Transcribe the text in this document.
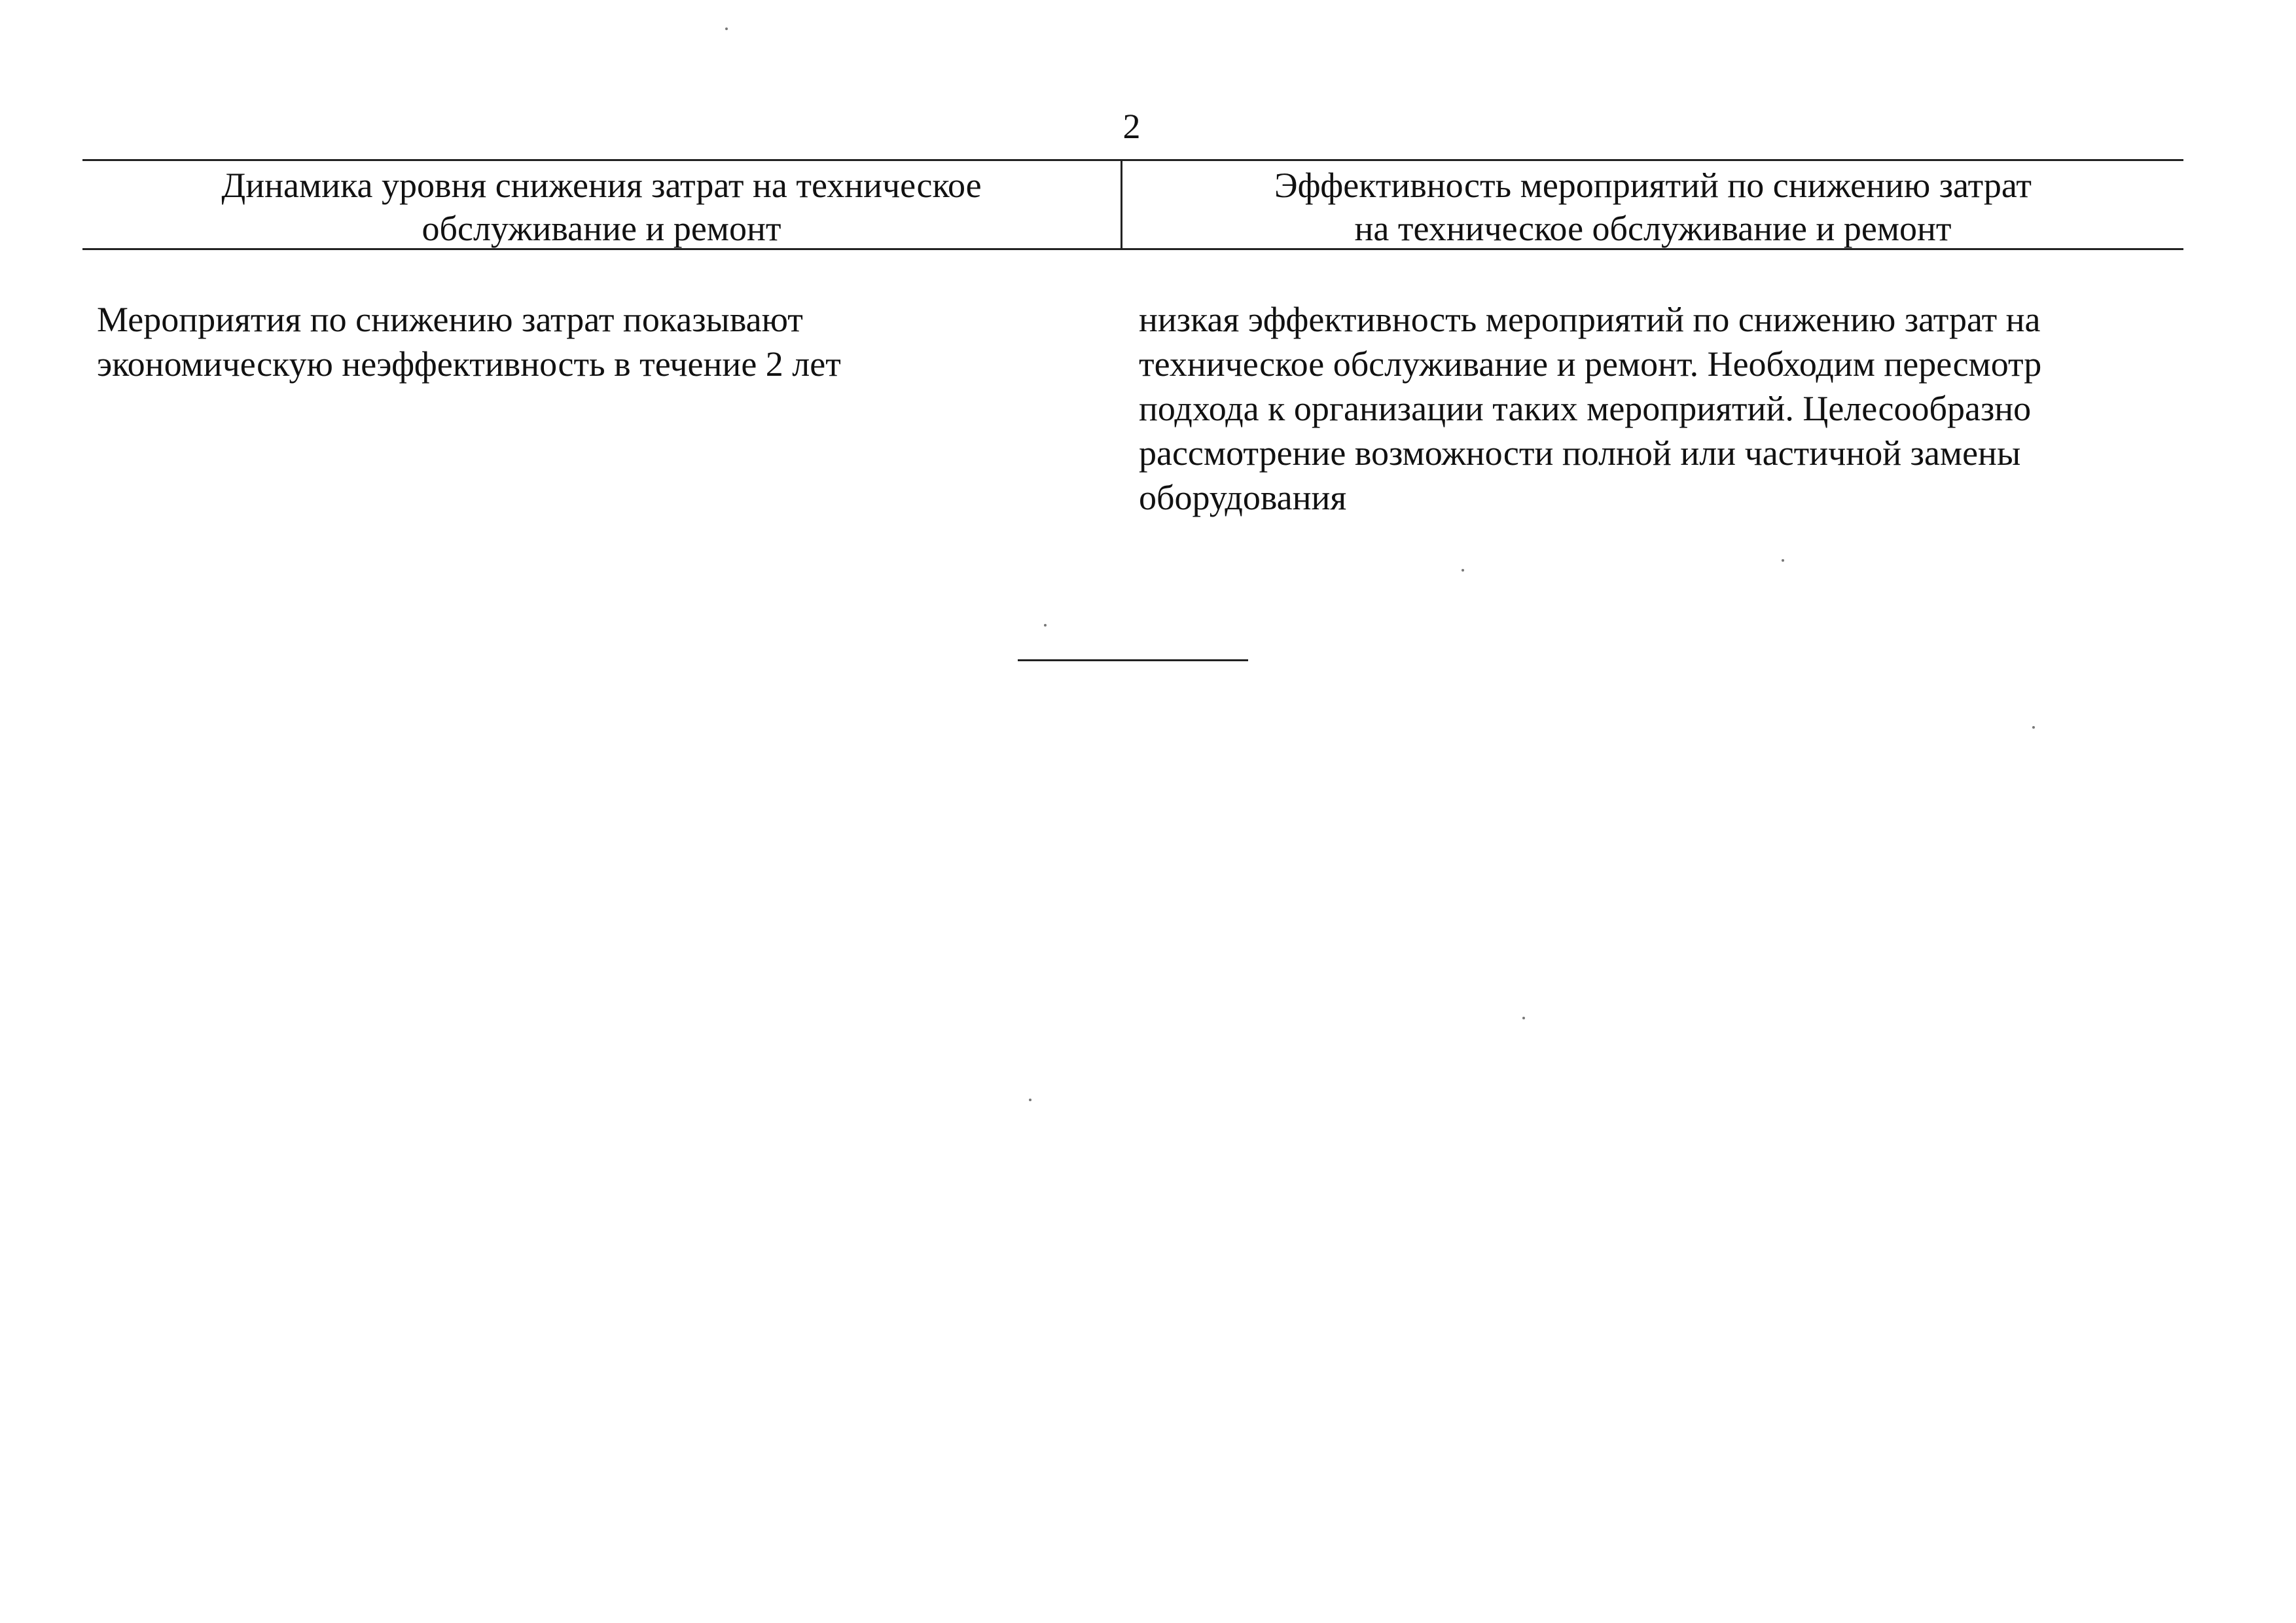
2
Динамика уровня снижения затрат на техническое
обслуживание и ремонт
Эффективность мероприятий по снижению затрат
на техническое обслуживание и ремонт
Мероприятия по снижению затрат показывают
экономическую неэффективность в течение 2 лет
низкая эффективность мероприятий по снижению затрат на
техническое обслуживание и ремонт. Необходим пересмотр
подхода к организации таких мероприятий. Целесообразно
рассмотрение возможности полной или частичной замены
оборудования
